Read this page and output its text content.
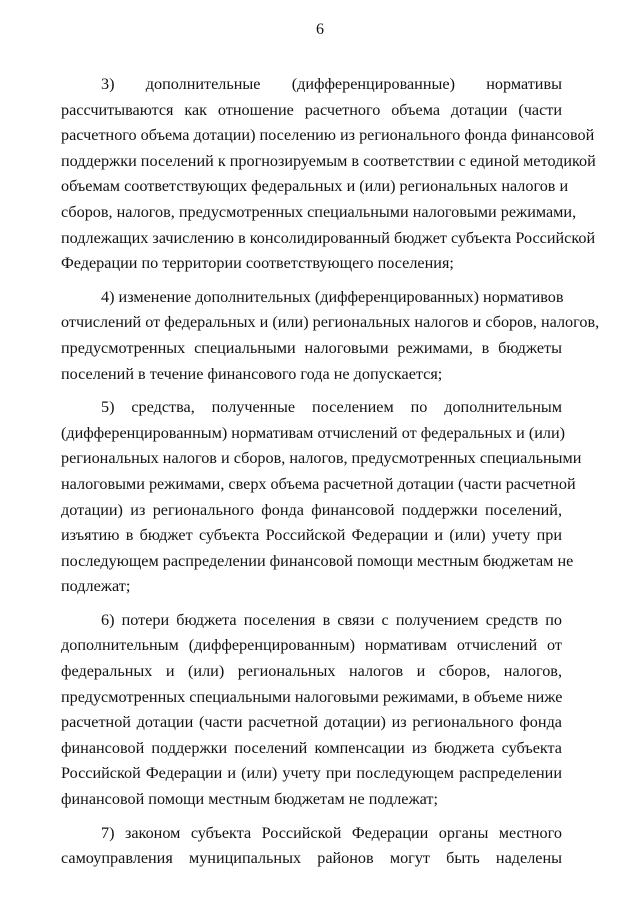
6
3) дополнительные (дифференцированные) нормативы
рассчитываются как отношение расчетного объема дотации (части
расчетного объема дотации) поселению из регионального фонда финансовой
поддержки поселений к прогнозируемым в соответствии с единой методикой
объемам соответствующих федеральных и (или) региональных налогов и
сборов, налогов, предусмотренных специальными налоговыми режимами,
подлежащих зачислению в консолидированный бюджет субъекта Российской
Федерации по территории соответствующего поселения;
4) изменение дополнительных (дифференцированных) нормативов
отчислений от федеральных и (или) региональных налогов и сборов, налогов,
предусмотренных специальными налоговыми режимами, в бюджеты
поселений в течение финансового года не допускается;
5) средства, полученные поселением по дополнительным
(дифференцированным) нормативам отчислений от федеральных и (или)
региональных налогов и сборов, налогов, предусмотренных специальными
налоговыми режимами, сверх объема расчетной дотации (части расчетной
дотации) из регионального фонда финансовой поддержки поселений,
изъятию в бюджет субъекта Российской Федерации и (или) учету при
последующем распределении финансовой помощи местным бюджетам не
подлежат;
6) потери бюджета поселения в связи с получением средств по
дополнительным (дифференцированным) нормативам отчислений от
федеральных и (или) региональных налогов и сборов, налогов,
предусмотренных специальными налоговыми режимами, в объеме ниже
расчетной дотации (части расчетной дотации) из регионального фонда
финансовой поддержки поселений компенсации из бюджета субъекта
Российской Федерации и (или) учету при последующем распределении
финансовой помощи местным бюджетам не подлежат;
7) законом субъекта Российской Федерации органы местного
самоуправления муниципальных районов могут быть наделены
